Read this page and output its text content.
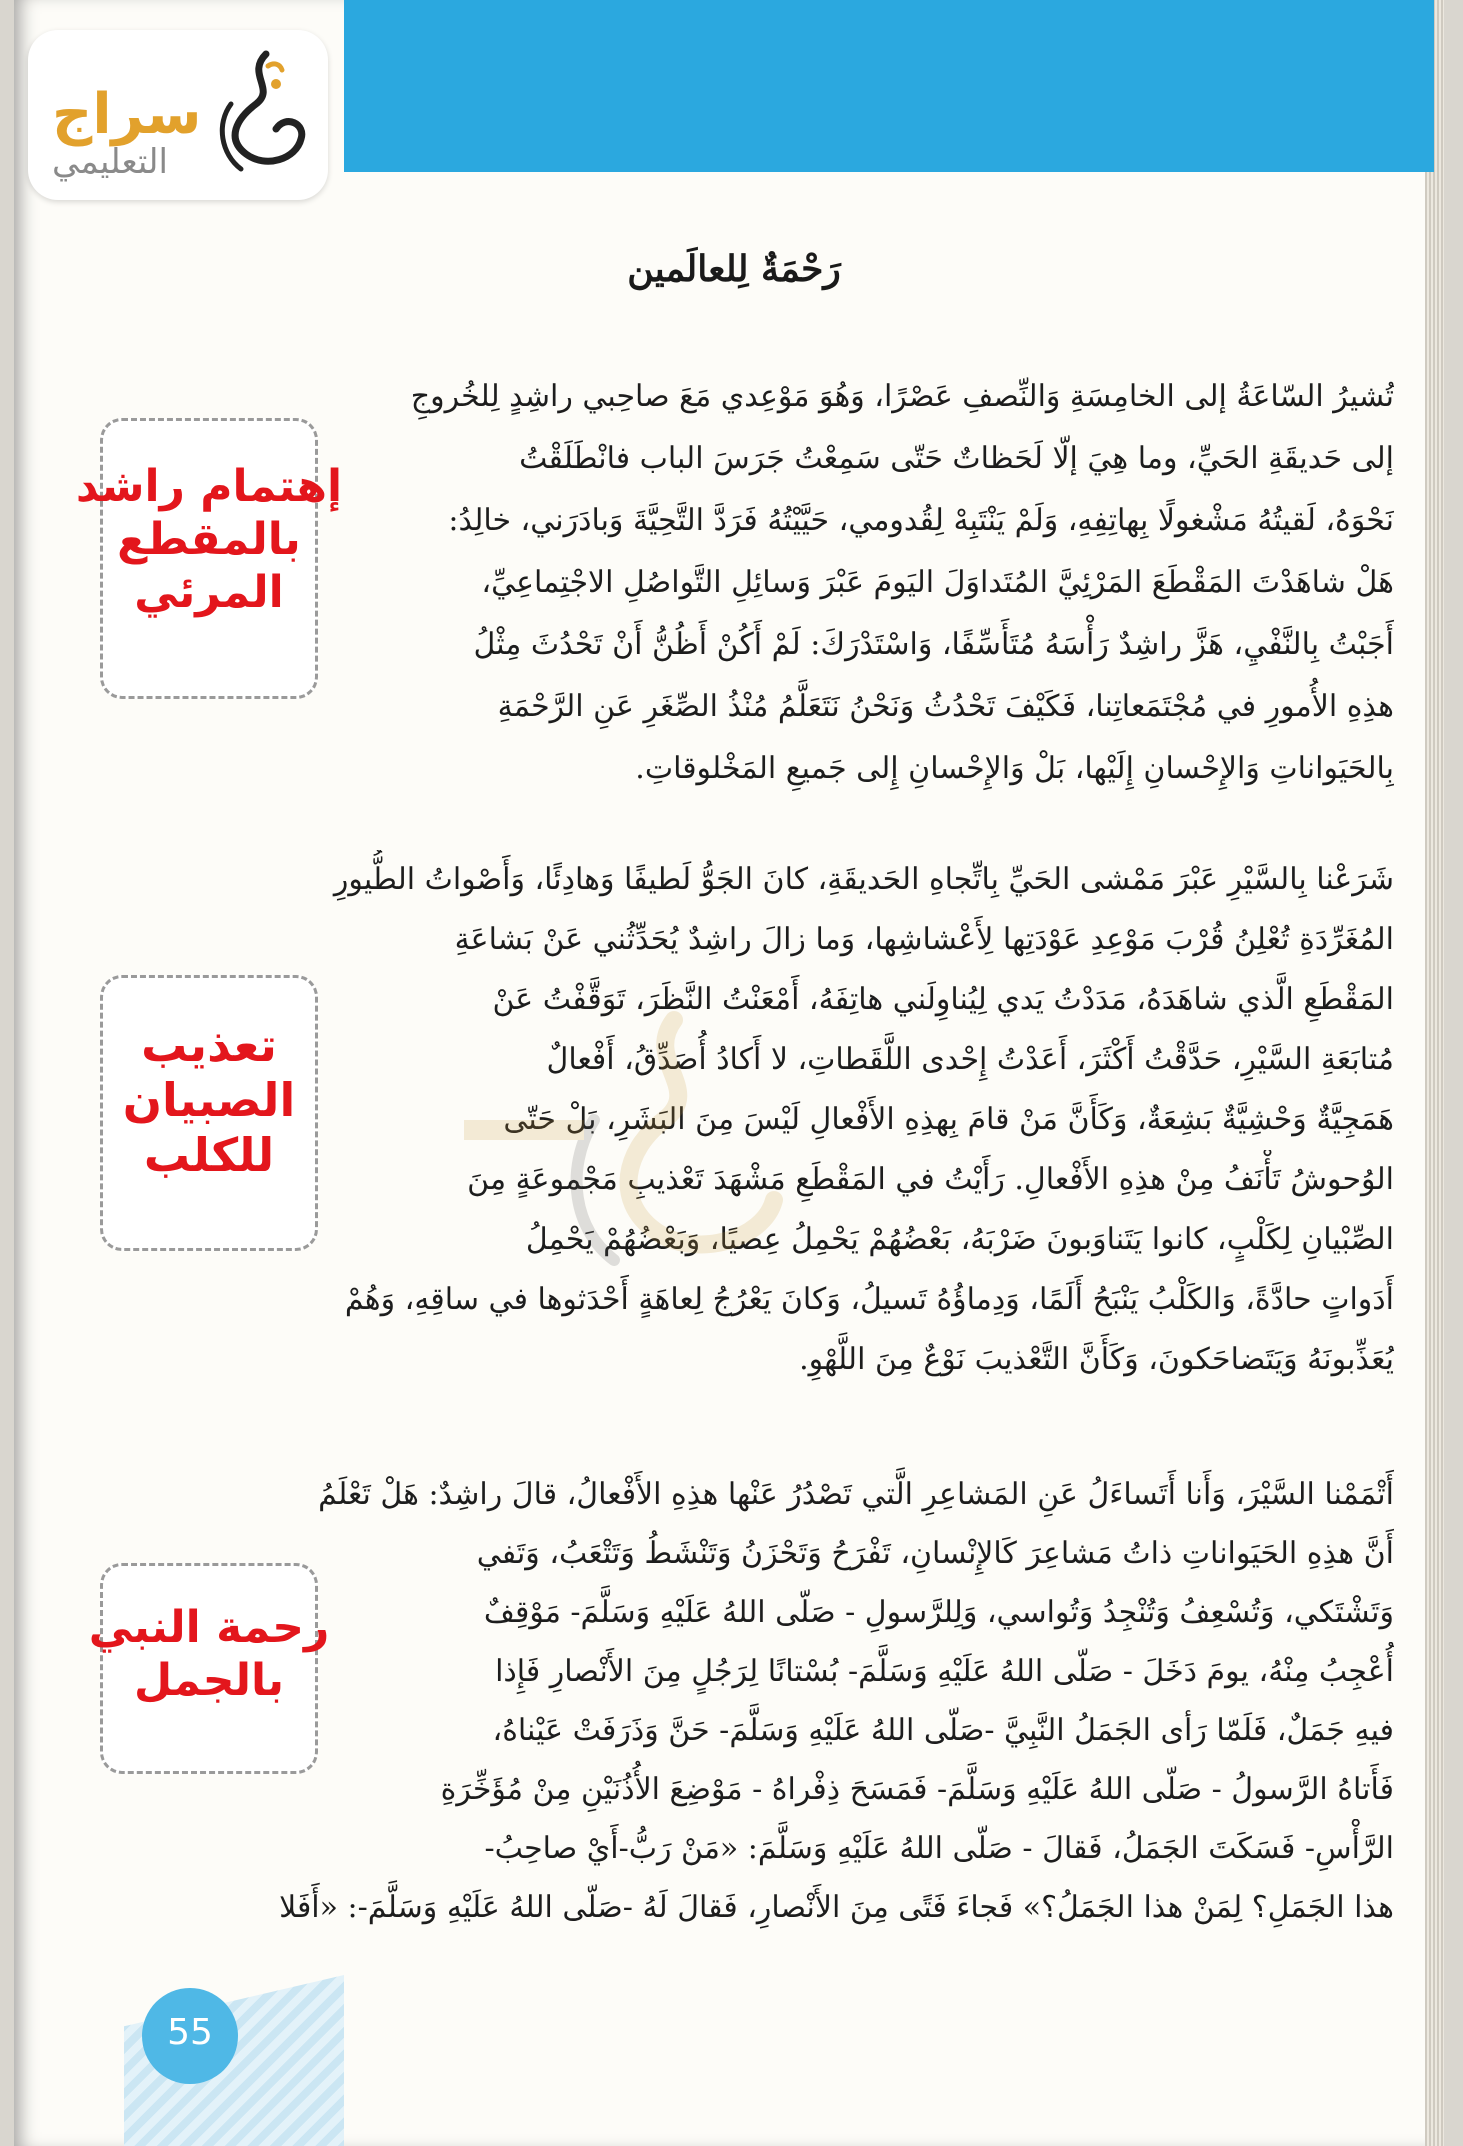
سراج
التعليمي
رَحْمَةٌ لِلعالَمين
تُشيرُ السّاعَةُ إلى الخامِسَةِ وَالنِّصفِ عَصْرًا، وَهُوَ مَوْعِدي مَعَ صاحِبي راشِدٍ لِلخُروجِ
إلى حَديقَةِ الحَيِّ، وما هِيَ إلّا لَحَظاتٌ حَتّى سَمِعْتُ جَرَسَ الباب فانْطَلَقْتُ
نَحْوَهُ، لَقيتُهُ مَشْغولًا بِهاتِفِهِ، وَلَمْ يَنْتَبِهْ لِقُدومي، حَيَّيْتُهُ فَرَدَّ التَّحِيَّةَ وَبادَرَني، خالِدُ:
هَلْ شاهَدْتَ المَقْطَعَ المَرْئِيَّ المُتَداوَلَ اليَومَ عَبْرَ وَسائِلِ التَّواصُلِ الاجْتِماعِيِّ،
أَجَبْتُ بِالنَّفْيِ، هَزَّ راشِدٌ رَأْسَهُ مُتَأَسِّفًا، وَاسْتَدْرَكَ: لَمْ أَكُنْ أَظُنُّ أَنْ تَحْدُثَ مِثْلُ
هذِهِ الأُمورِ في مُجْتَمَعاتِنا، فَكَيْفَ تَحْدُثُ وَنَحْنُ نَتَعَلَّمُ مُنْذُ الصِّغَرِ عَنِ الرَّحْمَةِ
بِالحَيَواناتِ وَالإِحْسانِ إِلَيْها، بَلْ وَالإِحْسانِ إِلى جَميعِ المَخْلوقاتِ.
شَرَعْنا بِالسَّيْرِ عَبْرَ مَمْشى الحَيِّ بِاتِّجاهِ الحَديقَةِ، كانَ الجَوُّ لَطيفًا وَهادِئًا، وَأَصْواتُ الطُّيورِ
المُغَرِّدَةِ تُعْلِنُ قُرْبَ مَوْعِدِ عَوْدَتِها لِأَعْشاشِها، وَما زالَ راشِدٌ يُحَدِّثُني عَنْ بَشاعَةِ
المَقْطَعِ الَّذي شاهَدَهُ، مَدَدْتُ يَدي لِيُناوِلَني هاتِفَهُ، أَمْعَنْتُ النَّظَرَ، تَوَقَّفْتُ عَنْ
مُتابَعَةِ السَّيْرِ، حَدَّقْتُ أَكْثَرَ، أَعَدْتُ إِحْدى اللَّقَطاتِ، لا أَكادُ أُصَدِّقُ، أَفْعالٌ
هَمَجِيَّةٌ وَحْشِيَّةٌ بَشِعَةٌ، وَكَأَنَّ مَنْ قامَ بِهذِهِ الأَفْعالِ لَيْسَ مِنَ البَشَرِ، بَلْ حَتّى
الوُحوشُ تَأْنَفُ مِنْ هذِهِ الأَفْعالِ. رَأَيْتُ في المَقْطَعِ مَشْهَدَ تَعْذيبِ مَجْموعَةٍ مِنَ
الصِّبْيانِ لِكَلْبٍ، كانوا يَتَناوَبونَ ضَرْبَهُ، بَعْضُهُمْ يَحْمِلُ عِصيًا، وَبَعْضُهُمْ يَحْمِلُ
أَدَواتٍ حادَّةً، وَالكَلْبُ يَنْبَحُ أَلَمًا، وَدِماؤُهُ تَسيلُ، وَكانَ يَعْرُجُ لِعاهَةٍ أَحْدَثوها في ساقِهِ، وَهُمْ
يُعَذِّبونَهُ وَيَتَضاحَكونَ، وَكَأَنَّ التَّعْذيبَ نَوْعٌ مِنَ اللَّهْوِ.
أَتْمَمْنا السَّيْرَ، وَأَنا أَتَساءَلُ عَنِ المَشاعِرِ الَّتي تَصْدُرُ عَنْها هذِهِ الأَفْعالُ، قالَ راشِدٌ: هَلْ تَعْلَمُ
أَنَّ هذِهِ الحَيَواناتِ ذاتُ مَشاعِرَ كَالإِنْسانِ، تَفْرَحُ وَتَحْزَنُ وَتَنْشَطُ وَتَتْعَبُ، وَتَفي
وَتَشْتَكي، وَتُسْعِفُ وَتُنْجِدُ وَتُواسي، وَلِلرَّسولِ - صَلّى اللهُ عَلَيْهِ وَسَلَّمَ- مَوْقِفٌ
أُعْجِبُ مِنْهُ، يومَ دَخَلَ - صَلّى اللهُ عَلَيْهِ وَسَلَّمَ- بُسْتانًا لِرَجُلٍ مِنَ الأَنْصارِ فَإِذا
فيهِ جَمَلٌ، فَلَمّا رَأى الجَمَلُ النَّبِيَّ -صَلّى اللهُ عَلَيْهِ وَسَلَّمَ- حَنَّ وَذَرَفَتْ عَيْناهُ،
فَأَتاهُ الرَّسولُ - صَلّى اللهُ عَلَيْهِ وَسَلَّمَ- فَمَسَحَ ذِفْراهُ - مَوْضِعَ الأُذُنَيْنِ مِنْ مُؤَخِّرَةِ
الرَّأْسِ- فَسَكَتَ الجَمَلُ، فَقالَ - صَلّى اللهُ عَلَيْهِ وَسَلَّمَ: «مَنْ رَبُّ-أَيْ صاحِبُ-
هذا الجَمَلِ؟ لِمَنْ هذا الجَمَلُ؟» فَجاءَ فَتًى مِنَ الأَنْصارِ، فَقالَ لَهُ -صَلّى اللهُ عَلَيْهِ وَسَلَّمَ-: «أَفَلا
إهتمام راشد
بالمقطع
المرئي
تعذيب
الصبيان
للكلب
رحمة النبي
بالجمل
55
